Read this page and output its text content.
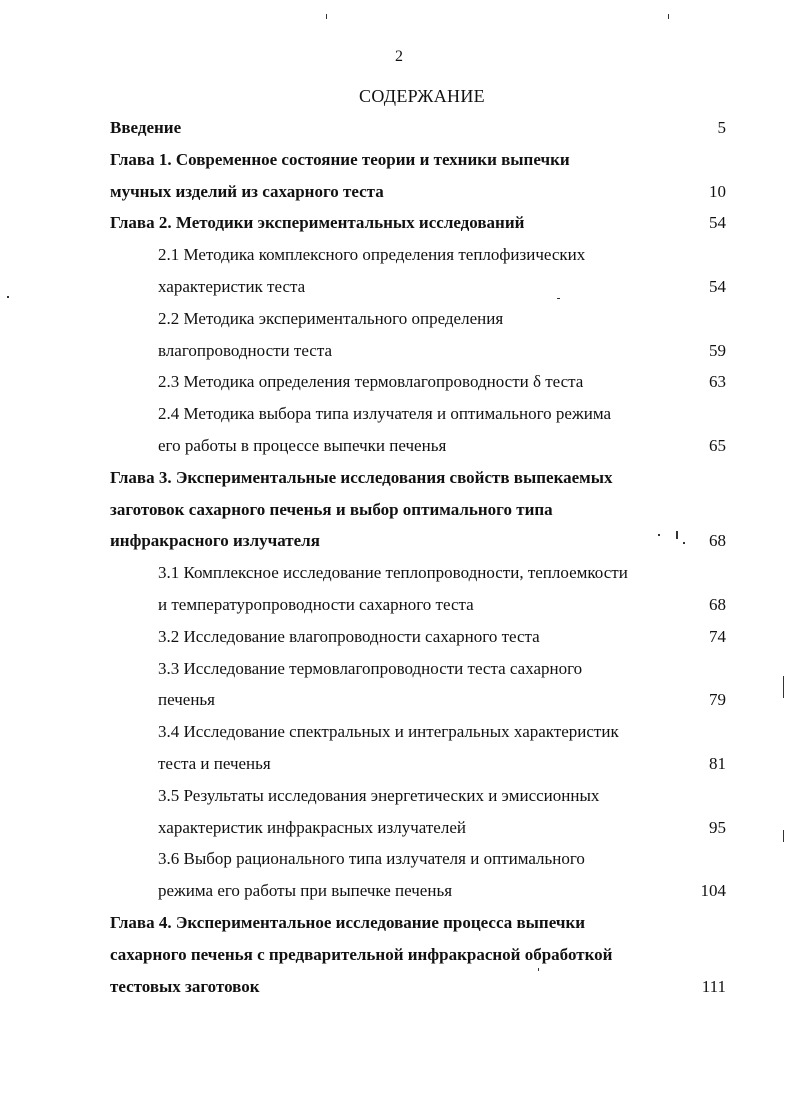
2
СОДЕРЖАНИЕ
Введение	5
Глава 1. Современное состояние теории и техники выпечки
мучных изделий из сахарного теста	10
Глава 2. Методики экспериментальных исследований	54
2.1 Методика комплексного определения теплофизических
характеристик теста	54
2.2 Методика экспериментального определения
влагопроводности теста	59
2.3 Методика определения термовлагопроводности δ теста	63
2.4 Методика выбора типа излучателя и оптимального режима
его работы в процессе выпечки печенья	65
Глава 3. Экспериментальные исследования свойств выпекаемых
заготовок сахарного печенья и выбор оптимального типа
инфракрасного излучателя	68
3.1 Комплексное исследование теплопроводности, теплоемкости
и температуропроводности сахарного теста	68
3.2 Исследование влагопроводности сахарного теста	74
3.3 Исследование термовлагопроводности теста сахарного
печенья	79
3.4 Исследование спектральных и интегральных характеристик
теста и печенья	81
3.5 Результаты исследования энергетических и эмиссионных
характеристик инфракрасных излучателей	95
3.6 Выбор рационального типа излучателя и оптимального
режима его работы при выпечке печенья	104
Глава 4. Экспериментальное исследование процесса выпечки
сахарного печенья с предварительной инфракрасной обработкой
тестовых заготовок	111
